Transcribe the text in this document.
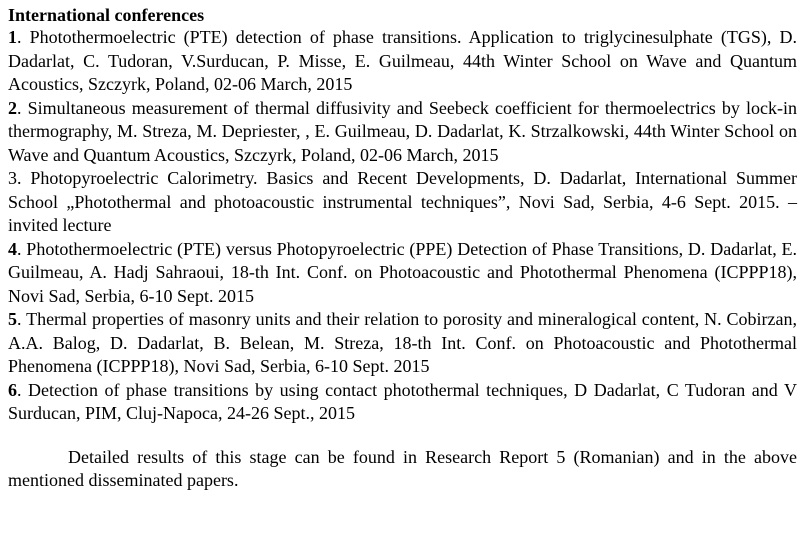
International conferences

1. Photothermoelectric (PTE) detection of phase transitions. Application to triglycinesulphate (TGS), D. Dadarlat, C. Tudoran, V.Surducan, P. Misse, E. Guilmeau, 44th Winter School on Wave and Quantum Acoustics, Szczyrk, Poland, 02-06 March, 2015

2. Simultaneous measurement of thermal diffusivity and Seebeck coefficient for thermoelectrics by lock-in thermography, M. Streza, M. Depriester, , E. Guilmeau, D. Dadarlat, K. Strzalkowski, 44th Winter School on Wave and Quantum Acoustics, Szczyrk, Poland, 02-06 March, 2015

3. Photopyroelectric Calorimetry. Basics and Recent Developments, D. Dadarlat, International Summer School „Photothermal and photoacoustic instrumental techniques”, Novi Sad, Serbia, 4-6 Sept. 2015. – invited lecture

4. Photothermoelectric (PTE) versus Photopyroelectric (PPE) Detection of Phase Transitions, D. Dadarlat, E. Guilmeau, A. Hadj Sahraoui, 18-th Int. Conf. on Photoacoustic and Photothermal Phenomena (ICPPP18), Novi Sad, Serbia, 6-10 Sept. 2015

5. Thermal properties of masonry units and their relation to porosity and mineralogical content, N. Cobirzan, A.A. Balog, D. Dadarlat, B. Belean, M. Streza, 18-th Int. Conf. on Photoacoustic and Photothermal Phenomena (ICPPP18), Novi Sad, Serbia, 6-10 Sept. 2015

6. Detection of phase transitions by using contact photothermal techniques, D Dadarlat, C Tudoran and V Surducan, PIM, Cluj-Napoca, 24-26 Sept., 2015

Detailed results of this stage can be found in Research Report 5 (Romanian) and in the above mentioned disseminated papers.
